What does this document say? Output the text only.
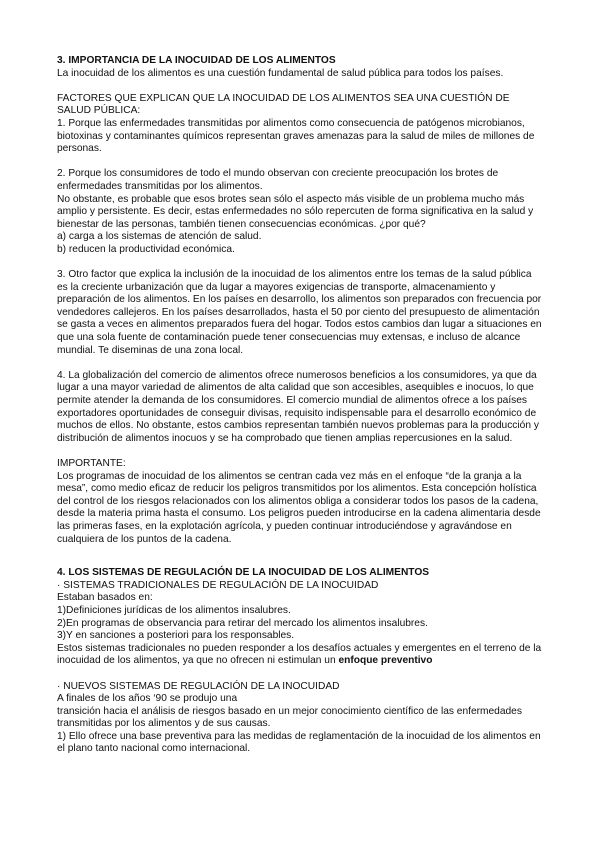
3. IMPORTANCIA DE LA INOCUIDAD DE LOS ALIMENTOS

La inocuidad de los alimentos es una cuestión fundamental de salud pública para todos los países.

FACTORES QUE EXPLICAN QUE LA INOCUIDAD DE LOS ALIMENTOS SEA UNA CUESTIÓN DE SALUD PÚBLICA:

1. Porque las enfermedades transmitidas por alimentos como consecuencia de patógenos microbianos, biotoxinas y contaminantes químicos representan graves amenazas para la salud de miles de millones de personas.

2. Porque los consumidores de todo el mundo observan con creciente preocupación los brotes de enfermedades transmitidas por los alimentos.

No obstante, es probable que esos brotes sean sólo el aspecto más visible de un problema mucho más amplio y persistente. Es decir, estas enfermedades no sólo repercuten de forma significativa en la salud y bienestar de las personas, también tienen consecuencias económicas. ¿por qué?

a) carga a los sistemas de atención de salud.

b) reducen la productividad económica.

3. Otro factor que explica la inclusión de la inocuidad de los alimentos entre los temas de la salud pública es la creciente urbanización que da lugar a mayores exigencias de transporte, almacenamiento y preparación de los alimentos. En los países en desarrollo, los alimentos son preparados con frecuencia por vendedores callejeros. En los países desarrollados, hasta el 50 por ciento del presupuesto de alimentación se gasta a veces en alimentos preparados fuera del hogar. Todos estos cambios dan lugar a situaciones en que una sola fuente de contaminación puede tener consecuencias muy extensas, e incluso de alcance mundial. Te diseminas de una zona local.

4. La globalización del comercio de alimentos ofrece numerosos beneficios a los consumidores, ya que da lugar a una mayor variedad de alimentos de alta calidad que son accesibles, asequibles e inocuos, lo que permite atender la demanda de los consumidores. El comercio mundial de alimentos ofrece a los países exportadores oportunidades de conseguir divisas, requisito indispensable para el desarrollo económico de muchos de ellos. No obstante, estos cambios representan también nuevos problemas para la producción y distribución de alimentos inocuos y se ha comprobado que tienen amplias repercusiones en la salud.

IMPORTANTE:

Los programas de inocuidad de los alimentos se centran cada vez más en el enfoque “de la granja a la mesa”, como medio eficaz de reducir los peligros transmitidos por los alimentos. Esta concepción holística del control de los riesgos relacionados con los alimentos obliga a considerar todos los pasos de la cadena, desde la materia prima hasta el consumo. Los peligros pueden introducirse en la cadena alimentaria desde las primeras fases, en la explotación agrícola, y pueden continuar introduciéndose y agravándose en cualquiera de los puntos de la cadena.

4. LOS SISTEMAS DE REGULACIÓN DE LA INOCUIDAD DE LOS ALIMENTOS

· SISTEMAS TRADICIONALES DE REGULACIÓN DE LA INOCUIDAD

Estaban basados en:

1)Definiciones jurídicas de los alimentos insalubres.

2)En programas de observancia para retirar del mercado los alimentos insalubres.

3)Y en sanciones a posteriori para los responsables.

Estos sistemas tradicionales no pueden responder a los desafíos actuales y emergentes en el terreno de la inocuidad de los alimentos, ya que no ofrecen ni estimulan un enfoque preventivo

· NUEVOS SISTEMAS DE REGULACIÓN DE LA INOCUIDAD

A finales de los años ‘90 se produjo una

transición hacia el análisis de riesgos basado en un mejor conocimiento científico de las enfermedades transmitidas por los alimentos y de sus causas.

1) Ello ofrece una base preventiva para las medidas de reglamentación de la inocuidad de los alimentos en el plano tanto nacional como internacional.
